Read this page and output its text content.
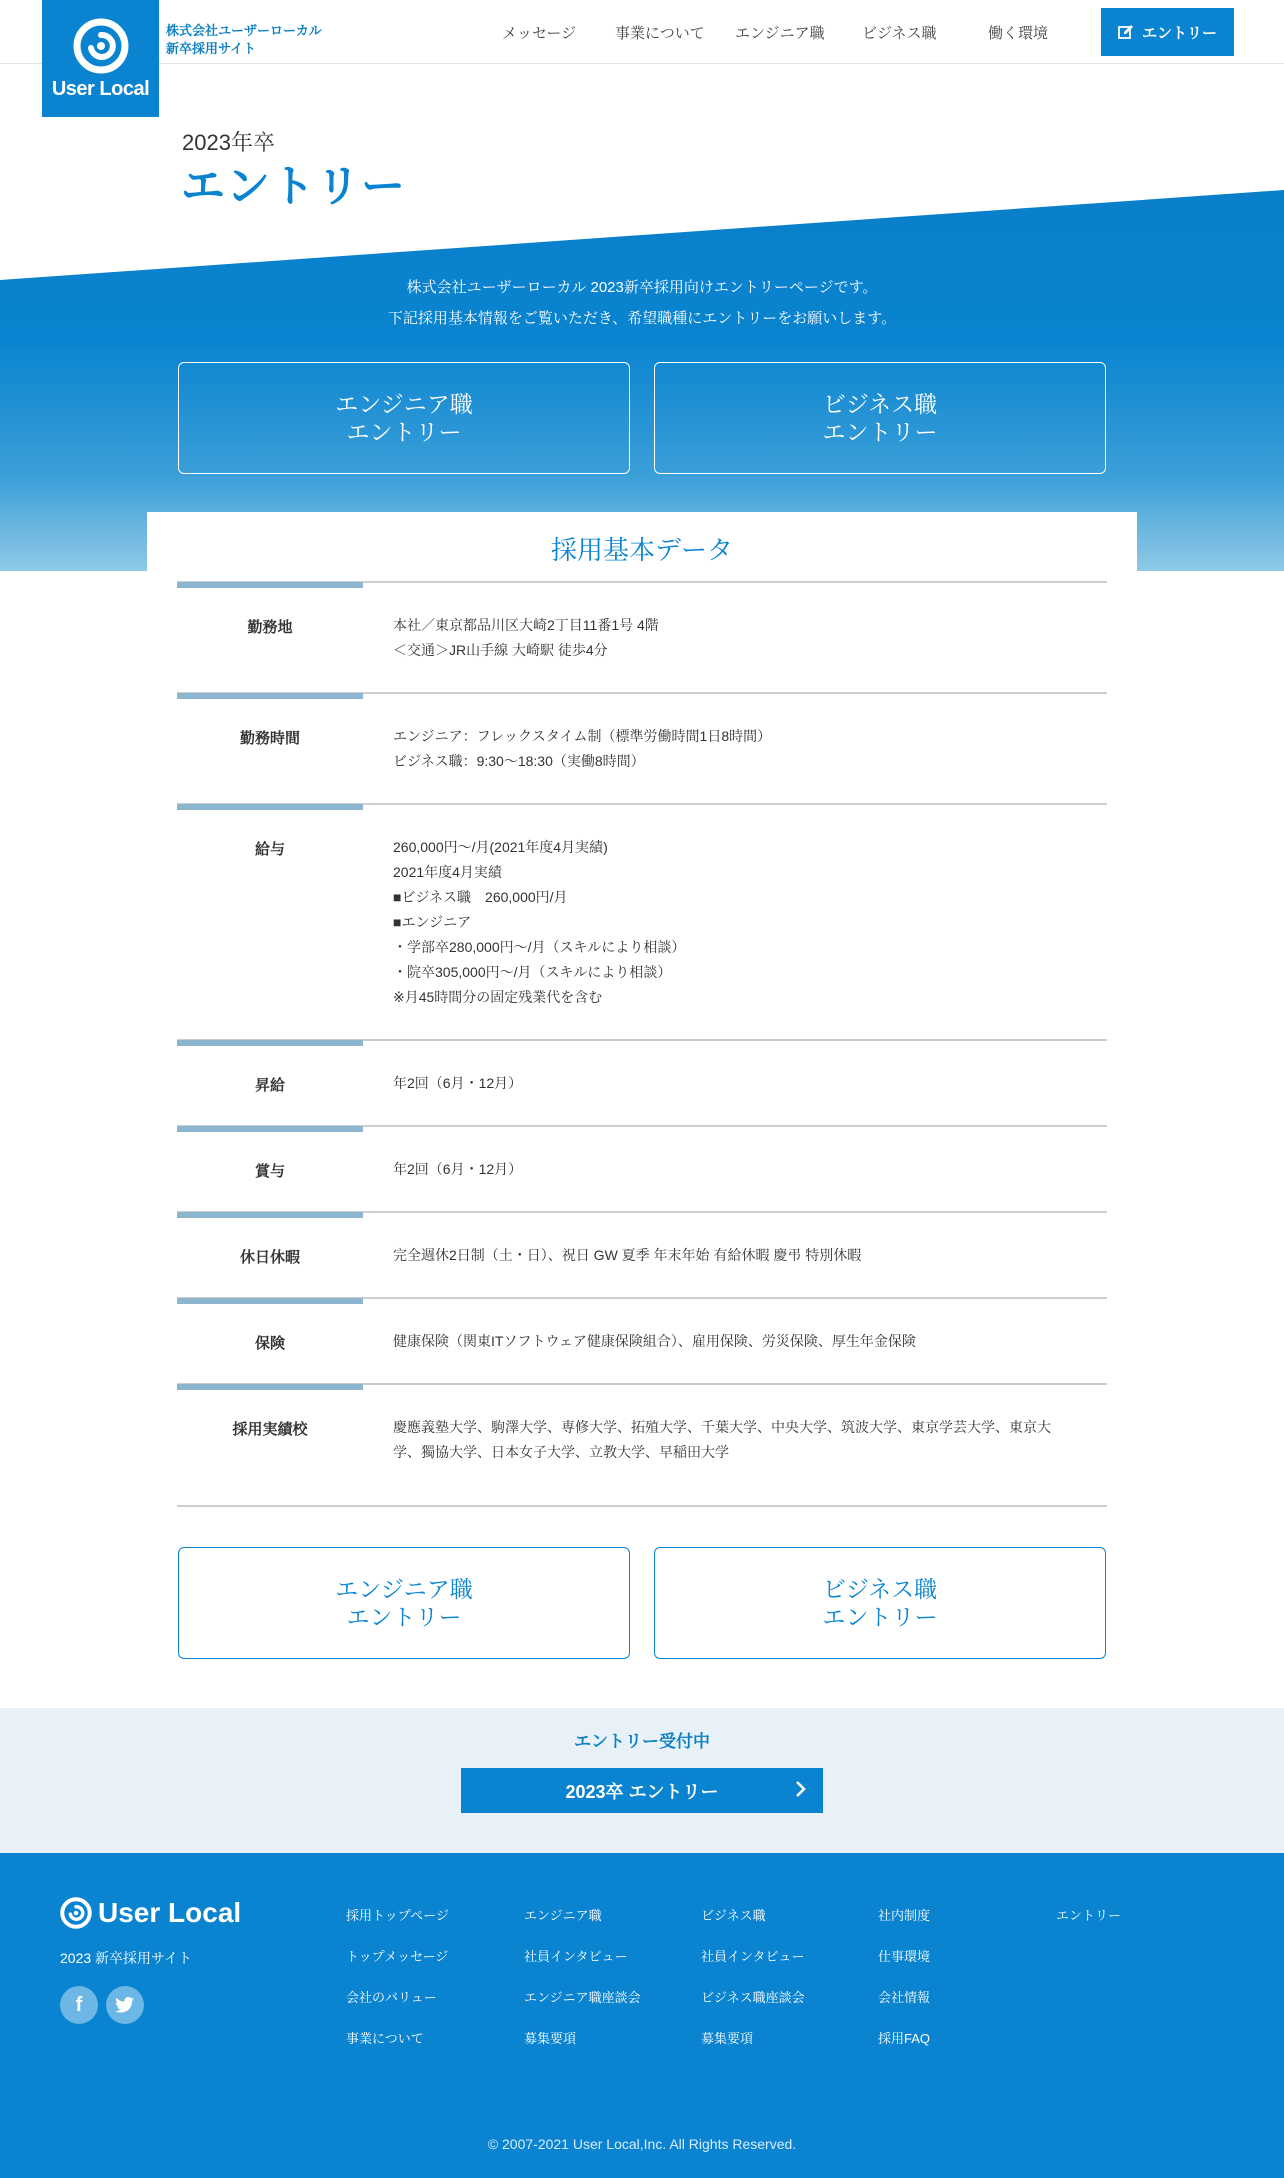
User Local
株式会社ユーザーローカル
新卒採用サイト
メッセージ	事業について エンジニア職 ビジネス職	働く環境	エントリー
2023年卒
エントリー
株式会社ユーザーローカル 2023新卒採用向けエントリーページです。
下記採用基本情報をご覧いただき、希望職種にエントリーをお願いします。
エンジニア職
エントリー
ビジネス職
エントリー
採用基本データ
勤務地	本社／東京都品川区大崎2丁目11番1号 4階
＜交通＞JR山手線 大崎駅 徒歩4分
勤務時間	エンジニア：フレックスタイム制（標準労働時間1日8時間）
ビジネス職：9:30〜18:30（実働8時間）
給与	260,000円〜/月(2021年度4月実績)
2021年度4月実績
■ビジネス職　260,000円/月
■エンジニア
・学部卒280,000円〜/月（スキルにより相談）
・院卒305,000円〜/月（スキルにより相談）
※月45時間分の固定残業代を含む
昇給	年2回（6月・12月）
賞与	年2回（6月・12月）
休日休暇	完全週休2日制（土・日）、祝日 GW 夏季 年末年始 有給休暇 慶弔 特別休暇
保険	健康保険（関東ITソフトウェア健康保険組合）、雇用保険、労災保険、厚生年金保険
採用実績校	慶應義塾大学、駒澤大学、専修大学、拓殖大学、千葉大学、中央大学、筑波大学、東京学芸大学、東京大
学、獨協大学、日本女子大学、立教大学、早稲田大学
エンジニア職
エントリー
ビジネス職
エントリー
エントリー受付中
2023卒 エントリー
User Local
2023 新卒採用サイト
f
採用トップページ
トップメッセージ
会社のバリュー
事業について
エンジニア職
社員インタビュー
エンジニア職座談会
募集要項
ビジネス職
社員インタビュー
ビジネス職座談会
募集要項
社内制度
仕事環境
会社情報
採用FAQ
エントリー
© 2007-2021 User Local,Inc. All Rights Reserved.
